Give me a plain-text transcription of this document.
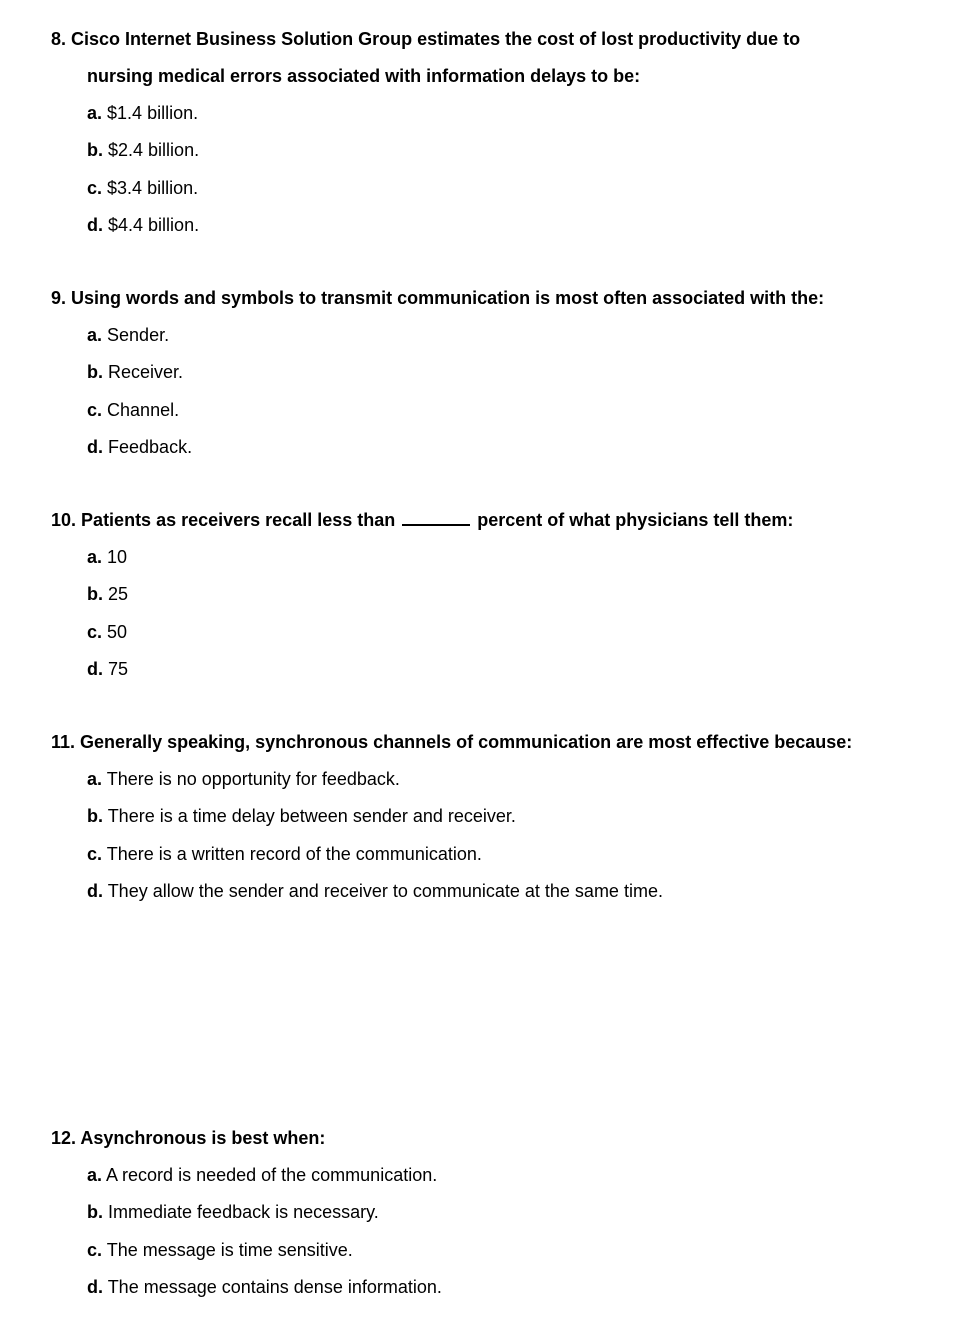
8. Cisco Internet Business Solution Group estimates the cost of lost productivity due to
nursing medical errors associated with information delays to be:

a. $1.4 billion.
b. $2.4 billion.
c. $3.4 billion.
d. $4.4 billion.

9. Using words and symbols to transmit communication is most often associated with the:

a. Sender.
b. Receiver.
c. Channel.
d. Feedback.

10. Patients as receivers recall less than	percent of what physicians tell them:

a. 10
b. 25
c. 50
d. 75

11. Generally speaking, synchronous channels of communication are most effective because:

a. There is no opportunity for feedback.
b. There is a time delay between sender and receiver.
c. There is a written record of the communication.
d. They allow the sender and receiver to communicate at the same time.

12. Asynchronous is best when:

a. A record is needed of the communication.
b. Immediate feedback is necessary.
c. The message is time sensitive.
d. The message contains dense information.
